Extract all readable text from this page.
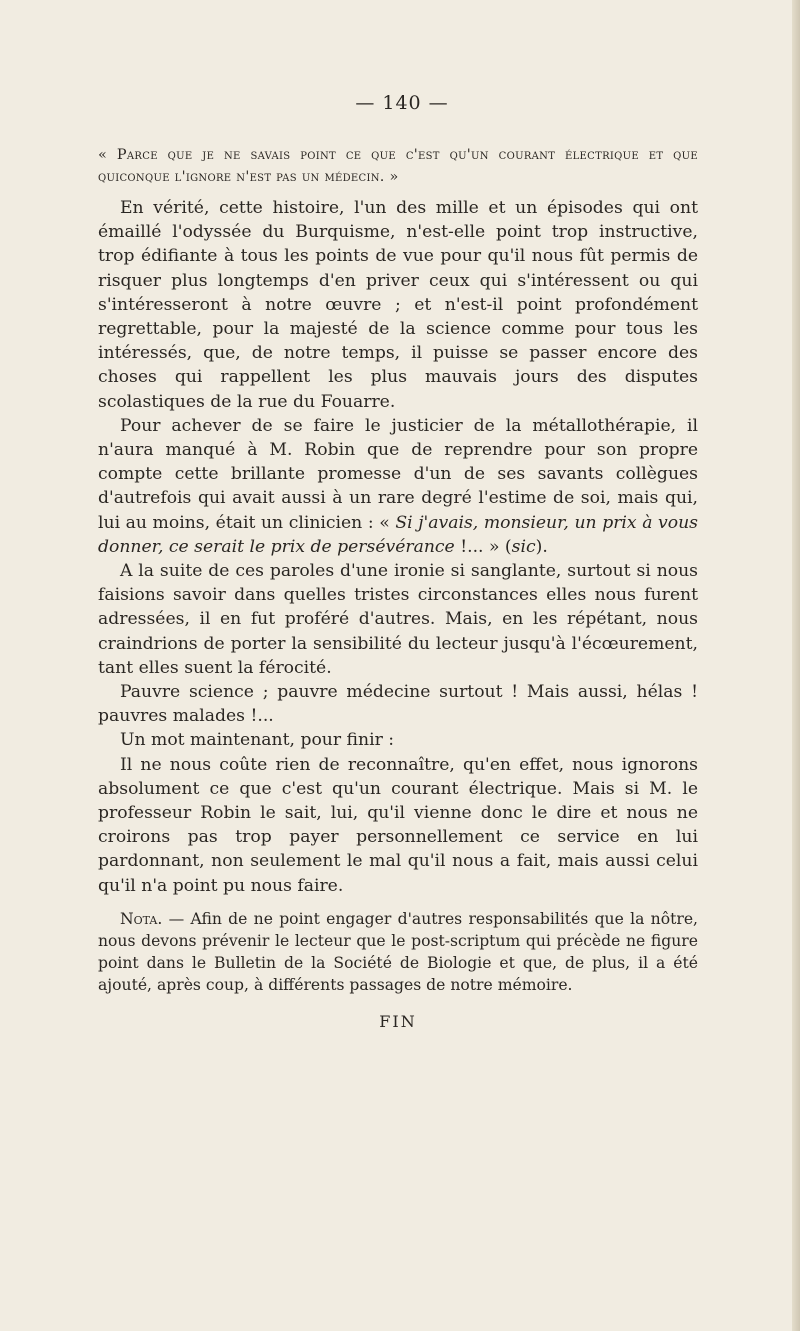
— 140 —
« Parce que je ne savais point ce que c'est qu'un courant électrique et que quiconque l'ignore n'est pas un médecin. »

En vérité, cette histoire, l'un des mille et un épisodes qui ont émaillé l'odyssée du Burquisme, n'est-elle point trop instructive, trop édifiante à tous les points de vue pour qu'il nous fût permis de risquer plus longtemps d'en priver ceux qui s'intéressent ou qui s'intéresseront à notre œuvre ; et n'est-il point profondément regrettable, pour la majesté de la science comme pour tous les intéressés, que, de notre temps, il puisse se passer encore des choses qui rappellent les plus mauvais jours des disputes scolastiques de la rue du Fouarre.

Pour achever de se faire le justicier de la métallothérapie, il n'aura manqué à M. Robin que de reprendre pour son propre compte cette brillante promesse d'un de ses savants collègues d'autrefois qui avait aussi à un rare degré l'estime de soi, mais qui, lui au moins, était un clinicien : « Si j'avais, monsieur, un prix à vous donner, ce serait le prix de persévérance !... » (sic).

A la suite de ces paroles d'une ironie si sanglante, surtout si nous faisions savoir dans quelles tristes circonstances elles nous furent adressées, il en fut proféré d'autres. Mais, en les répétant, nous craindrions de porter la sensibilité du lecteur jusqu'à l'écœurement, tant elles suent la férocité.

Pauvre science ; pauvre médecine surtout ! Mais aussi, hélas ! pauvres malades !...

Un mot maintenant, pour finir :

Il ne nous coûte rien de reconnaître, qu'en effet, nous ignorons absolument ce que c'est qu'un courant électrique. Mais si M. le professeur Robin le sait, lui, qu'il vienne donc le dire et nous ne croirons pas trop payer personnellement ce service en lui pardonnant, non seulement le mal qu'il nous a fait, mais aussi celui qu'il n'a point pu nous faire.

Nota. — Afin de ne point engager d'autres responsabilités que la nôtre, nous devons prévenir le lecteur que le post-scriptum qui précède ne figure point dans le Bulletin de la Société de Biologie et que, de plus, il a été ajouté, après coup, à différents passages de notre mémoire.

FIN
